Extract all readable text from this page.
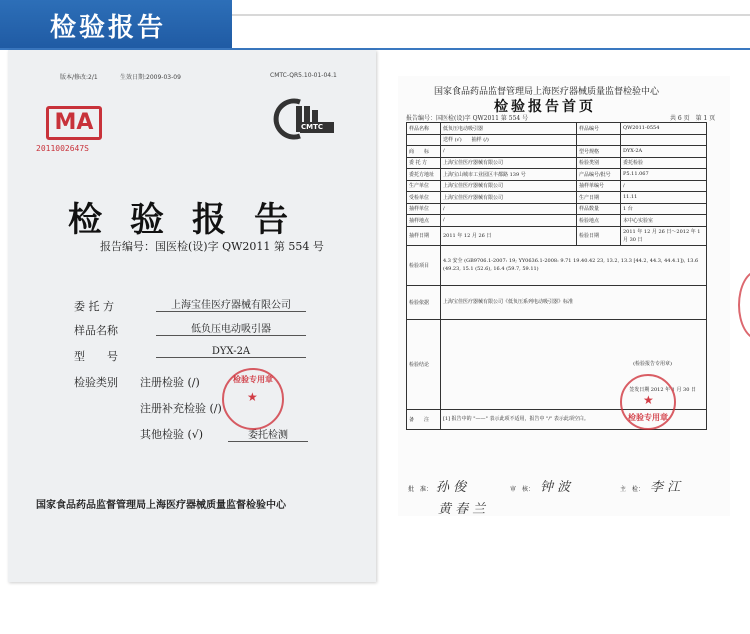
检验报告
版本/修改:2/1	生效日期:2009-03-09	CMTC-QR5.10-01-04.1
MA
2011002647S
CMTC

检验报告
报告编号：国医检(设)字 QW2011 第 554 号
委 托 方	上海宝佳医疗器械有限公司
样品名称	低负压电动吸引器
型　　号	DYX-2A
检验类别 注册检验 (/)
注册补充检验 (/)
其他检验 (√)	委托检测
★
检验专用章
国家食品药品监督管理局上海医疗器械质量监督检验中心
国家食品药品监督管理局上海医疗器械质量监督检验中心
检验报告首页
报告编号：国医检(设)字 QW2011 第 554 号	共 6 页　第 1 页
样品名称	低负压电动吸引器	样品编号	QW2011-0554
	送样 (√)　　抽样 (/)		
商　　标	/	型号规格	DYX-2A
委 托 方	上海宝佳医疗器械有限公司	检验类别	委托检验
委托方地址	上海宝山城市工业园区丰都路 139 号	产品编号/批号	P5.11.067
生产单位	上海宝佳医疗器械有限公司	抽样单编号	/
受检单位	上海宝佳医疗器械有限公司	生产日期	11.11
抽样单位	/	样品数量	1 台
抽样地点	/	检验地点	本中心实验室
抽样日期	2011 年 12 月 26 日	检验日期	2011 年 12 月 26 日～2012 年 1 月 30 日
检验项目	4.3 安全 (GB9706.1-2007: 19; YY0636.1-2008: 9.71 19.40.42 23, 13.2, 13.3 [44.2, 44.3, 44.4.1]), 13.6 (49.23, 15.1 (52.6), 16.4 (59.7, 59.11)		
检验依据	上海宝佳医疗器械有限公司《低负压系列电动吸引器》标准		
检验结论	(检验报告专用章)
签发日期 2012 年 1 月 30 日		

备　　注	[1] 报告中的 "——" 表示此项不适用，报告中 "/" 表示此项空白。		
★
检验专用章
批　准： 孙 俊	审　核： 钟 波	主　检： 李 江
黄 春 兰
